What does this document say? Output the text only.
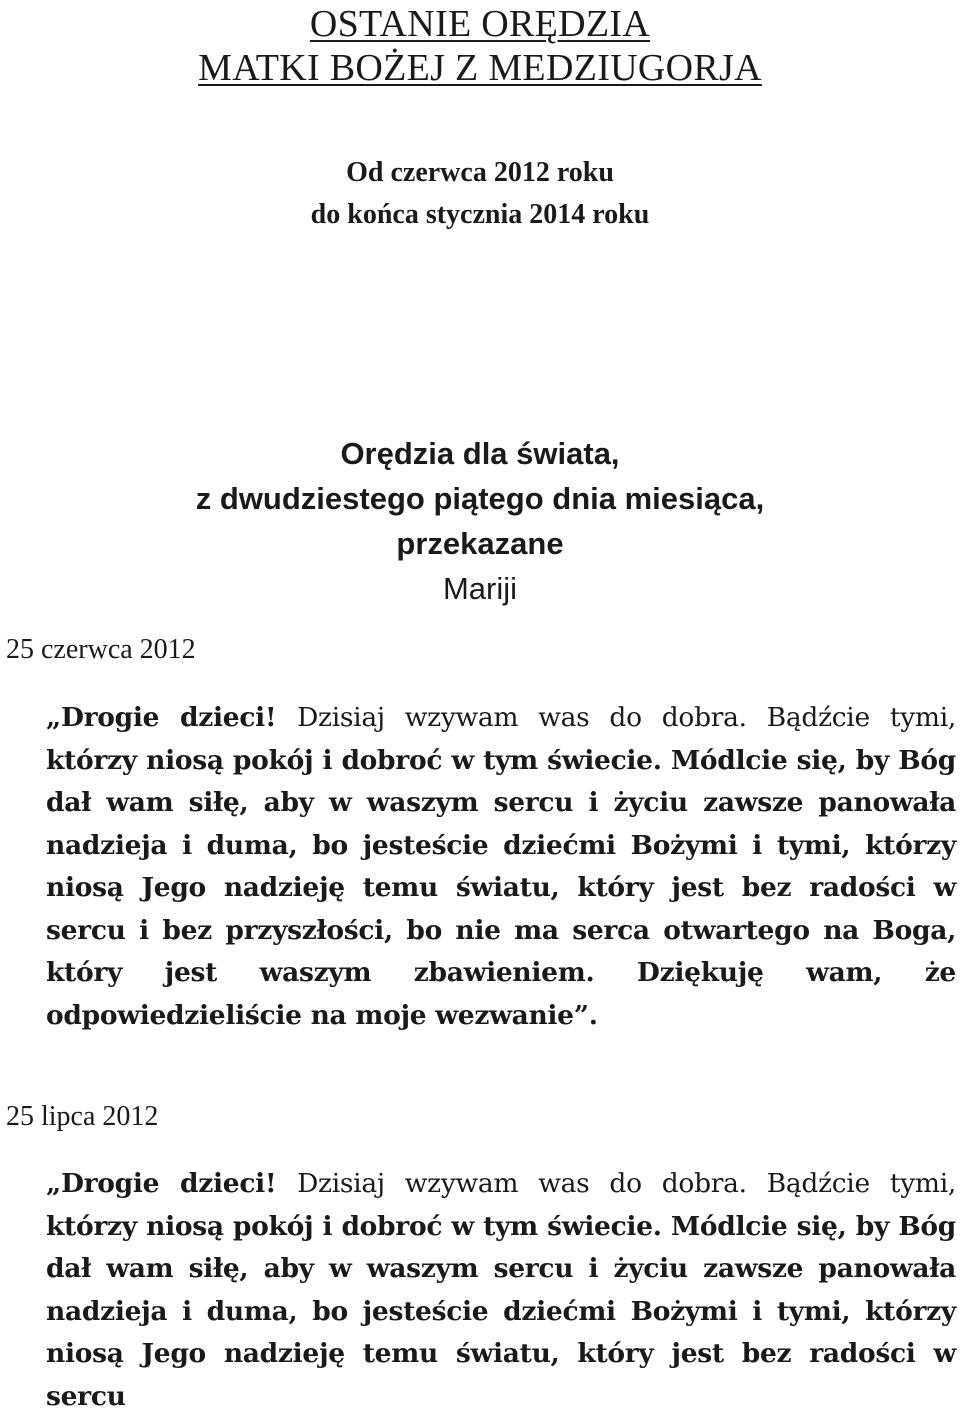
OSTANIE ORĘDZIA
MATKI BOŻEJ Z MEDZIUGORJA
Od czerwca 2012 roku
do końca stycznia 2014 roku
Orędzia dla świata,
z dwudziestego piątego dnia miesiąca,
przekazane
Mariji
25 czerwca 2012
„Drogie dzieci! Dzisiaj wzywam was do dobra. Bądźcie tymi, którzy niosą pokój i dobroć w tym świecie. Módlcie się, by Bóg dał wam siłę, aby w waszym sercu i życiu zawsze panowała nadzieja i duma, bo jesteście dziećmi Bożymi i tymi, którzy niosą Jego nadzieję temu światu, który jest bez radości w sercu i bez przyszłości, bo nie ma serca otwartego na Boga, który jest waszym zbawieniem. Dziękuję wam, że odpowiedzieliście na moje wezwanie”.
25 lipca 2012
„Drogie dzieci! Dzisiaj wzywam was do dobra. Bądźcie tymi, którzy niosą pokój i dobroć w tym świecie. Módlcie się, by Bóg dał wam siłę, aby w waszym sercu i życiu zawsze panowała nadzieja i duma, bo jesteście dziećmi Bożymi i tymi, którzy niosą Jego nadzieję temu światu, który jest bez radości w sercu
